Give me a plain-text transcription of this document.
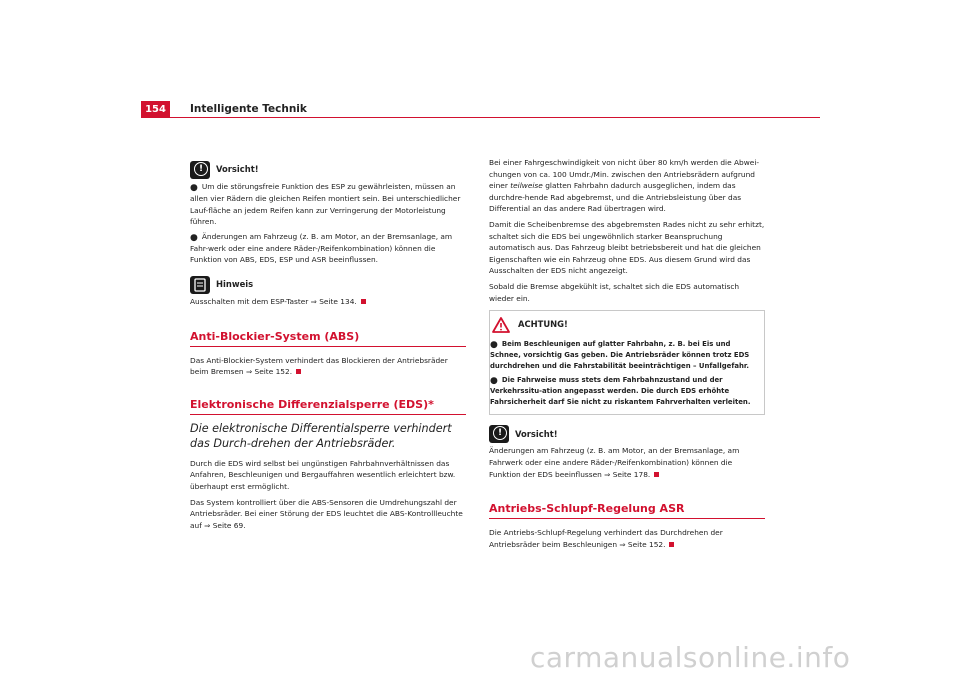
154	Intelligente Technik
!	Vorsicht!
● Um die störungsfreie Funktion des ESP zu gewährleisten, müssen an allen vier Rädern die gleichen Reifen montiert sein. Bei unterschiedlicher Lauf-fläche an jedem Reifen kann zur Verringerung der Motorleistung führen.
● Änderungen am Fahrzeug (z. B. am Motor, an der Bremsanlage, am Fahr-werk oder eine andere Räder-/Reifenkombination) können die Funktion von ABS, EDS, ESP und ASR beeinflussen.
Hinweis

Ausschalten mit dem ESP-Taster ⇒ Seite 134.

Anti-Blockier-System (ABS)

Das Anti-Blockier-System verhindert das Blockieren der Antriebsräder beim Bremsen ⇒ Seite 152.

Elektronische Differenzialsperre (EDS)*
Die elektronische Differentialsperre verhindert das Durch-drehen der Antriebsräder.

Durch die EDS wird selbst bei ungünstigen Fahrbahnverhältnissen das Anfahren, Beschleunigen und Bergauffahren wesentlich erleichtert bzw. überhaupt erst ermöglicht.

Das System kontrolliert über die ABS-Sensoren die Umdrehungszahl der Antriebsräder. Bei einer Störung der EDS leuchtet die ABS-Kontrollleuchte auf ⇒ Seite 69.

Bei einer Fahrgeschwindigkeit von nicht über 80 km/h werden die Abwei-chungen von ca. 100 Umdr./Min. zwischen den Antriebsrädern aufgrund einer teilweise glatten Fahrbahn dadurch ausgeglichen, indem das durchdre-hende Rad abgebremst, und die Antriebsleistung über das Differential an das andere Rad übertragen wird.

Damit die Scheibenbremse des abgebremsten Rades nicht zu sehr erhitzt, schaltet sich die EDS bei ungewöhnlich starker Beanspruchung automatisch aus. Das Fahrzeug bleibt betriebsbereit und hat die gleichen Eigenschaften wie ein Fahrzeug ohne EDS. Aus diesem Grund wird das Ausschalten der EDS nicht angezeigt.

Sobald die Bremse abgekühlt ist, schaltet sich die EDS automatisch wieder ein.

ACHTUNG!
● Beim Beschleunigen auf glatter Fahrbahn, z. B. bei Eis und Schnee, vorsichtig Gas geben. Die Antriebsräder können trotz EDS durchdrehen und die Fahrstabilität beeinträchtigen – Unfallgefahr.
● Die Fahrweise muss stets dem Fahrbahnzustand und der Verkehrssitu-ation angepasst werden. Die durch EDS erhöhte Fahrsicherheit darf Sie nicht zu riskantem Fahrverhalten verleiten.
!	Vorsicht!

Änderungen am Fahrzeug (z. B. am Motor, an der Bremsanlage, am Fahrwerk oder eine andere Räder-/Reifenkombination) können die Funktion der EDS beeinflussen ⇒ Seite 178.

Antriebs-Schlupf-Regelung ASR

Die Antriebs-Schlupf-Regelung verhindert das Durchdrehen der Antriebsräder beim Beschleunigen ⇒ Seite 152.

carmanualsonline.info
